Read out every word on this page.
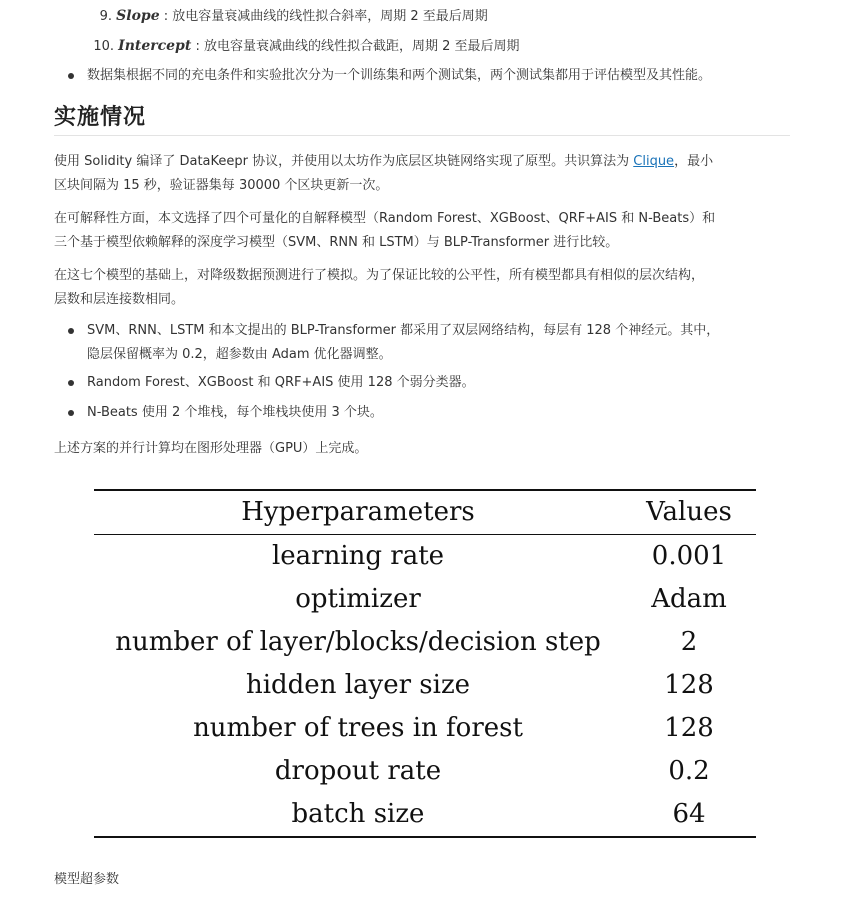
9. Slope : 放电容量衰减曲线的线性拟合斜率，周期 2 至最后周期
10. Intercept : 放电容量衰减曲线的线性拟合截距，周期 2 至最后周期
数据集根据不同的充电条件和实验批次分为一个训练集和两个测试集，两个测试集都用于评估模型及其性能。
实施情况
使用 Solidity 编译了 DataKeepr 协议，并使用以太坊作为底层区块链网络实现了原型。共识算法为 Clique，最小
区块间隔为 15 秒，验证器集每 30000 个区块更新一次。
在可解释性方面，本文选择了四个可量化的自解释模型（Random Forest、XGBoost、QRF+AIS 和 N-Beats）和
三个基于模型依赖解释的深度学习模型（SVM、RNN 和 LSTM）与 BLP-Transformer 进行比较。
在这七个模型的基础上，对降级数据预测进行了模拟。为了保证比较的公平性，所有模型都具有相似的层次结构，
层数和层连接数相同。
SVM、RNN、LSTM 和本文提出的 BLP-Transformer 都采用了双层网络结构，每层有 128 个神经元。其中，
隐层保留概率为 0.2，超参数由 Adam 优化器调整。
Random Forest、XGBoost 和 QRF+AIS 使用 128 个弱分类器。
N-Beats 使用 2 个堆栈，每个堆栈块使用 3 个块。
上述方案的并行计算均在图形处理器（GPU）上完成。
Hyperparameters	Values
learning rate	0.001
optimizer	Adam
number of layer/blocks/decision step	2
hidden layer size	128
number of trees in forest	128
dropout rate	0.2
batch size	64
模型超参数
